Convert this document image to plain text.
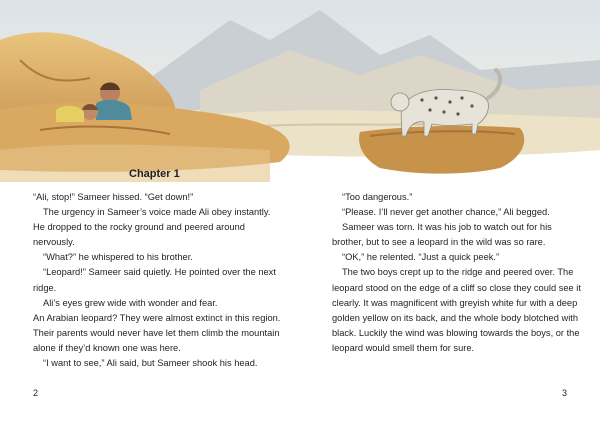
Chapter 1

“Ali, stop!” Sameer hissed. “Get down!”

The urgency in Sameer’s voice made Ali obey instantly. He dropped to the rocky ground and peered around nervously.

“What?” he whispered to his brother.

“Leopard!” Sameer said quietly. He pointed over the next ridge.

Ali’s eyes grew wide with wonder and fear.

An Arabian leopard? They were almost extinct in this region. Their parents would never have let them climb the mountain alone if they’d known one was here.

“I want to see,” Ali said, but Sameer shook his head.

“Too dangerous.”

“Please. I’ll never get another chance,” Ali begged.

Sameer was torn. It was his job to watch out for his brother, but to see a leopard in the wild was so rare.

“OK,” he relented. “Just a quick peek.”

The two boys crept up to the ridge and peered over. The leopard stood on the edge of a cliff so close they could see it clearly. It was magnificent with greyish white fur with a deep golden yellow on its back, and the whole body blotched with black. Luckily the wind was blowing towards the boys, or the leopard would smell them for sure.

2	3
